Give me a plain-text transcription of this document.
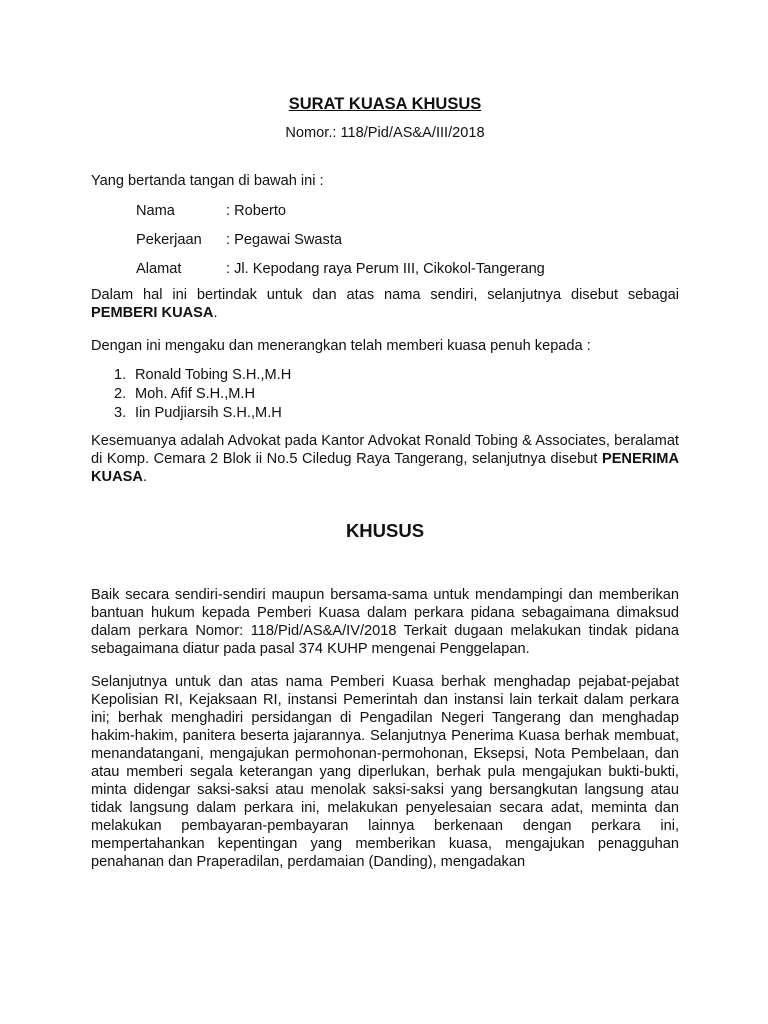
SURAT KUASA KHUSUS

Nomor.: 118/Pid/AS&A/III/2018

Yang bertanda tangan di bawah ini :

Nama	: Roberto
Pekerjaan	: Pegawai Swasta
Alamat	: Jl. Kepodang raya Perum III, Cikokol-Tangerang

Dalam hal ini bertindak untuk dan atas nama sendiri, selanjutnya disebut sebagai PEMBERI KUASA.

Dengan ini mengaku dan menerangkan telah memberi kuasa penuh kepada :

1. Ronald Tobing S.H.,M.H
2. Moh. Afif S.H.,M.H
3. Iin Pudjiarsih S.H.,M.H

Kesemuanya adalah Advokat pada Kantor Advokat Ronald Tobing & Associates, beralamat di Komp. Cemara 2 Blok ii No.5 Ciledug Raya Tangerang, selanjutnya disebut PENERIMA KUASA.

KHUSUS

Baik secara sendiri-sendiri maupun bersama-sama untuk mendampingi dan memberikan bantuan hukum kepada Pemberi Kuasa dalam perkara pidana sebagaimana dimaksud dalam perkara Nomor: 118/Pid/AS&A/IV/2018 Terkait dugaan melakukan tindak pidana sebagaimana diatur pada pasal 374 KUHP mengenai Penggelapan.

Selanjutnya untuk dan atas nama Pemberi Kuasa berhak menghadap pejabat-pejabat Kepolisian RI, Kejaksaan RI, instansi Pemerintah dan instansi lain terkait dalam perkara ini; berhak menghadiri persidangan di Pengadilan Negeri Tangerang dan menghadap hakim-hakim, panitera beserta jajarannya. Selanjutnya Penerima Kuasa berhak membuat, menandatangani, mengajukan permohonan-permohonan, Eksepsi, Nota Pembelaan, dan atau memberi segala keterangan yang diperlukan, berhak pula mengajukan bukti-bukti, minta didengar saksi-saksi atau menolak saksi-saksi yang bersangkutan langsung atau tidak langsung dalam perkara ini, melakukan penyelesaian secara adat, meminta dan melakukan pembayaran-pembayaran lainnya berkenaan dengan perkara ini, mempertahankan kepentingan yang memberikan kuasa, mengajukan penagguhan penahanan dan Praperadilan, perdamaian (Danding), mengadakan
